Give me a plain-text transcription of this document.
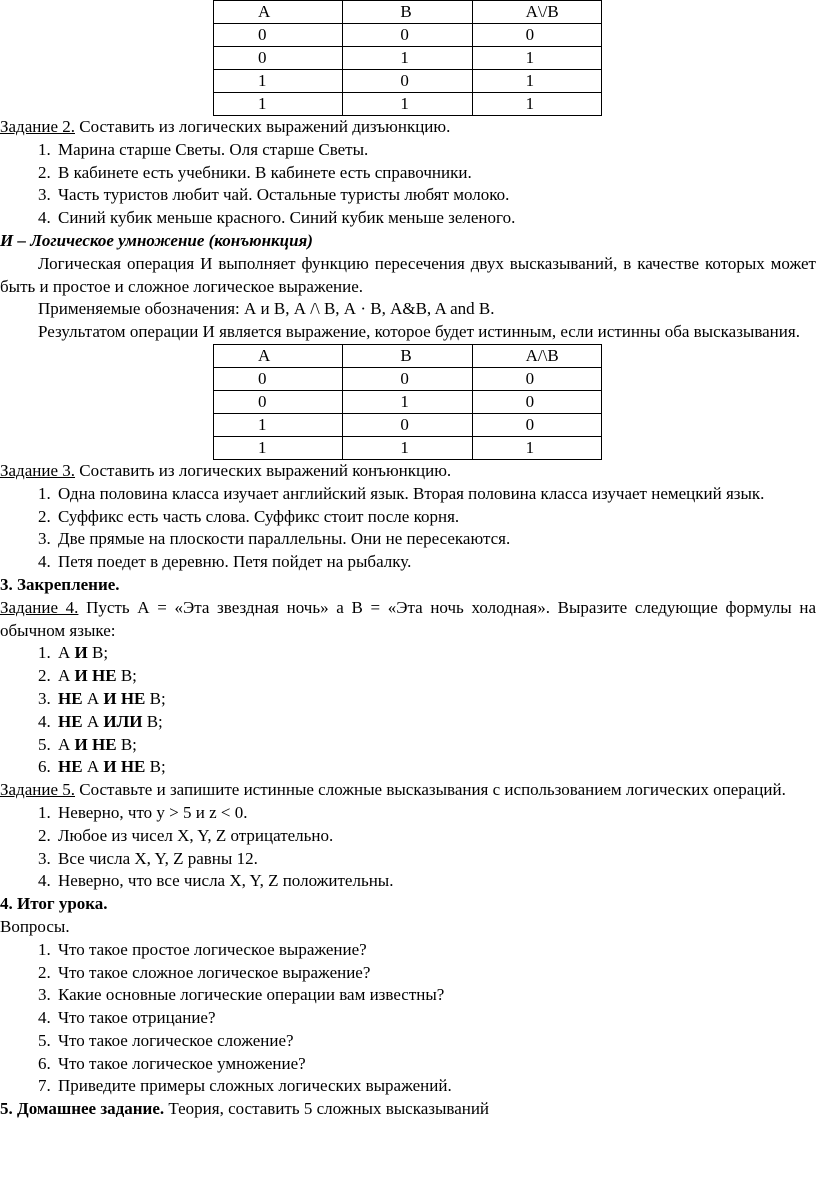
A	B	A\/B
0	0	0
0	1	1
1	0	1
1	1	1

Задание 2. Составить из логических выражений дизъюнкцию.

1. Марина старше Светы. Оля старше Светы.
2. В кабинете есть учебники. В кабинете есть справочники.
3. Часть туристов любит чай. Остальные туристы любят молоко.
4. Синий кубик меньше красного. Синий кубик меньше зеленого.

И – Логическое умножение (конъюнкция)

Логическая операция И выполняет функцию пересечения двух высказываний, в качестве которых может быть и простое и сложное логическое выражение.

Применяемые обозначения: А и В, А /\ В, А · В, А&B, A and B.

Результатом операции И является выражение, которое будет истинным, если истинны оба высказывания.

A	B	A/\B
0	0	0
0	1	0
1	0	0
1	1	1

Задание 3. Составить из логических выражений конъюнкцию.

1. Одна половина класса изучает английский язык. Вторая половина класса изучает немецкий язык.
2. Суффикс есть часть слова. Суффикс стоит после корня.
3. Две прямые на плоскости параллельны. Они не пересекаются.
4. Петя поедет в деревню. Петя пойдет на рыбалку.

3. Закрепление.

Задание 4. Пусть А = «Эта звездная ночь» а В = «Эта ночь холодная». Выразите следующие формулы на обычном языке:

1. А И В;
2. А И НЕ В;
3. НЕ А И НЕ В;
4. НЕ А ИЛИ В;
5. А И НЕ В;
6. НЕ А И НЕ В;

Задание 5. Составьте и запишите истинные сложные высказывания с использованием логических операций.

1. Неверно, что y > 5 и z < 0.
2. Любое из чисел X, Y, Z отрицательно.
3. Все числа X, Y, Z равны 12.
4. Неверно, что все числа X, Y, Z положительны.

4. Итог урока.

Вопросы.

1. Что такое простое логическое выражение?
2. Что такое сложное логическое выражение?
3. Какие основные логические операции вам известны?
4. Что такое отрицание?
5. Что такое логическое сложение?
6. Что такое логическое умножение?
7. Приведите примеры сложных логических выражений.

5. Домашнее задание. Теория, составить 5 сложных высказываний
